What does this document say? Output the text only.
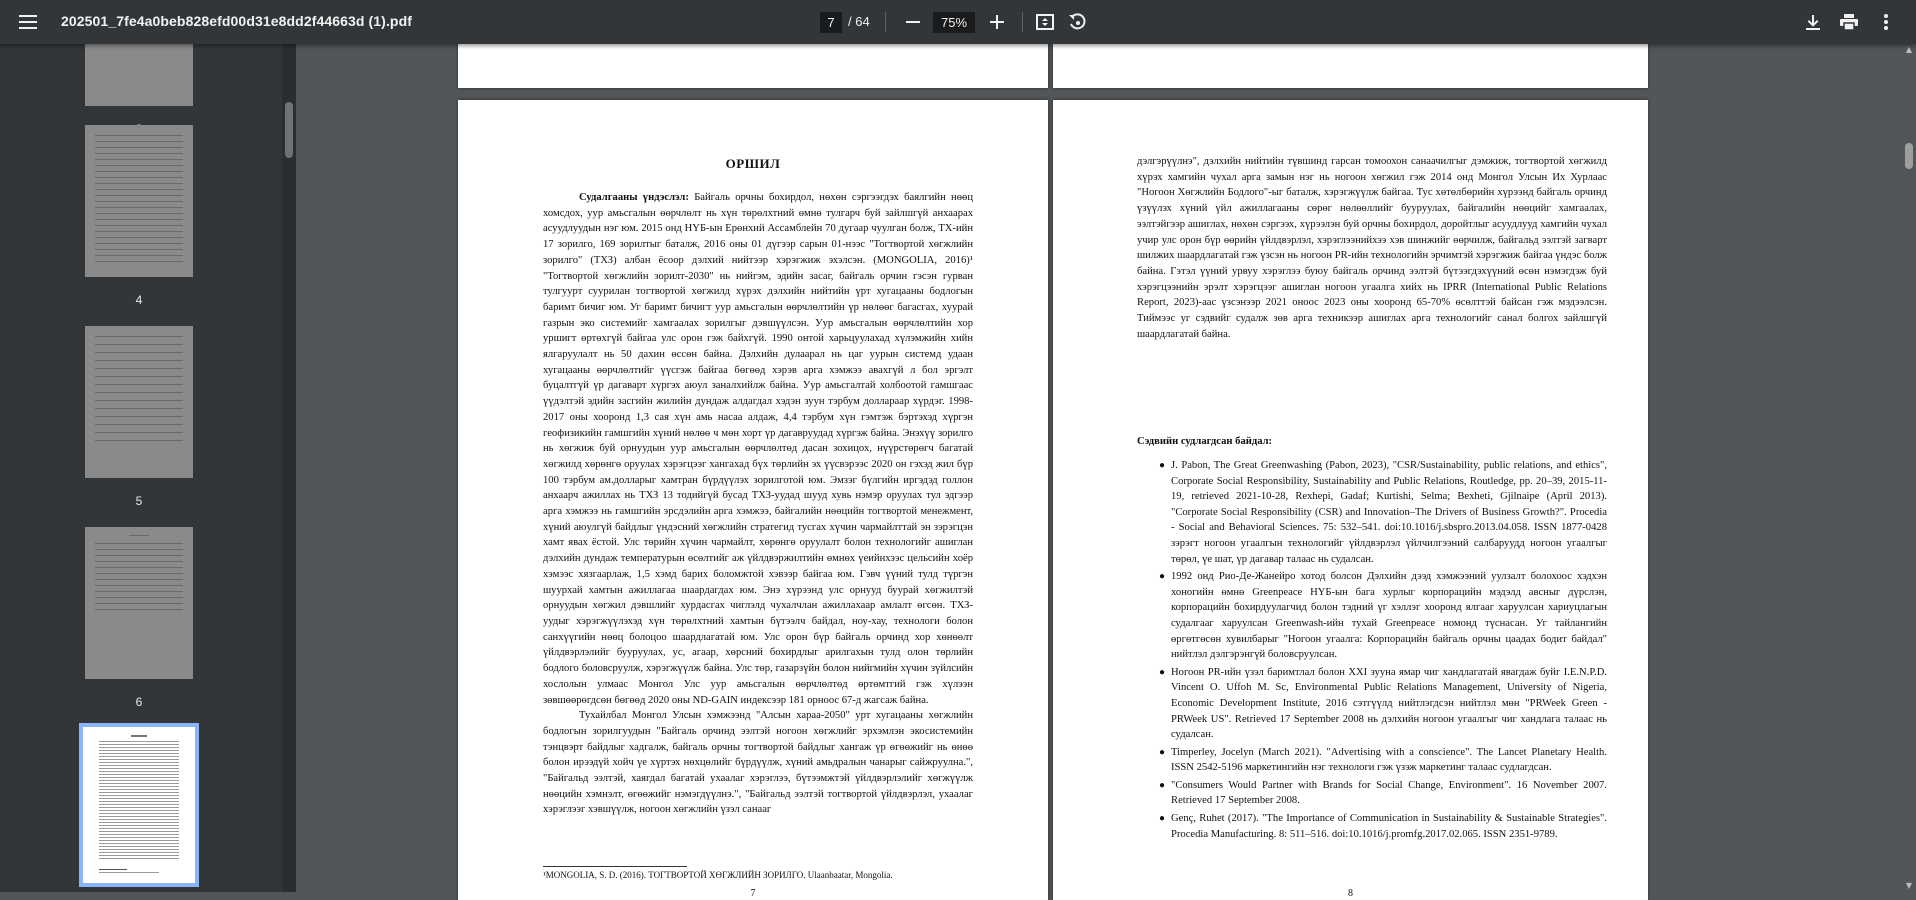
202501_7fe4a0beb828efd00d31e8dd2f44663d (1).pdf	7	/ 64	75%
4
5
6
ОРШИЛ

Судалгааны үндэслэл: Байгаль орчны бохирдол, нөхөн сэргээгдэх баялгийн нөөц хомсдох, уур амьсгалын өөрчлөлт нь хүн төрөлхтний өмнө тулгарч буй зайлшгүй анхаарах асуудлуудын нэг юм. 2015 онд НҮБ-ын Ерөнхий Ассамблейн 70 дугаар чуулган болж, ТХ-ийн 17 зорилго, 169 зорилтыг баталж, 2016 оны 01 дүгээр сарын 01-нээс "Тогтвортой хөгжлийн зорилго" (ТХЗ) албан ёсоор дэлхий нийтээр хэрэгжиж эхэлсэн. (MONGOLIA, 2016)¹ "Тогтвортой хөгжлийн зорилт-2030" нь нийгэм, эдийн засаг, байгаль орчин гэсэн гурван тулгуурт суурилан тогтвортой хөгжилд хүрэх дэлхийн нийтийн үрт хугацааны бодлогын баримт бичиг юм. Уг баримт бичигт уур амьсгалын өөрчлөлтийн үр нөлөөг багасгах, хуурай газрын эко системийг хамгаалах зорилгыг дэвшүүлсэн. Уур амьсгалын өөрчлөлтийн хор уршигт өртөхгүй байгаа улс орон гэж байхгүй. 1990 онтой харьцуулахад хүлэмжийн хийн ялгаруулалт нь 50 дахин өссөн байна. Дэлхийн дулаарал нь цаг уурын системд удаан хугацааны өөрчлөлтийг үүсгэж байгаа бөгөөд хэрэв арга хэмжээ авахгүй л бол эргэлт буцалтгүй үр дагаварт хүргэх аюул заналхийлж байна. Уур амьсгалтай холбоотой гамшгаас үүдэлтэй эдийн засгийн жилийн дундаж алдагдал хэдэн зуун тэрбум доллараар хүрдэг. 1998-2017 оны хооронд 1,3 сая хүн амь насаа алдаж, 4,4 тэрбум хүн гэмтэж бэртэхэд хүргэн геофизикийн гамшгийн хүний нөлөө ч мөн хорт үр дагавруудад хүргэж байна. Энэхүү зорилго нь хөгжиж буй орнуудын уур амьсгалын өөрчлөлтөд дасан зохицох, нүүрстөрөгч багатай хөгжилд хөрөнгө оруулах хэрэгцээг хангахад бүх төрлийн эх үүсвэрээс 2020 он гэхэд жил бүр 100 тэрбум ам.долларыг хамтран бүрдүүлэх зорилготой юм. Эмзэг бүлгийн иргэдэд голлон анхаарч ажиллах нь ТХЗ 13 тодийгүй бусад ТХЗ-уудад шууд хувь нэмэр оруулах тул эдгээр арга хэмжээ нь гамшгийн эрсдэлийн арга хэмжээ, байгалийн нөөцийн тогтвортой менежмент, хүний аюулгүй байдлыг үндэсний хөгжлийн стратегид тусгах хүчин чармайлттай эн зэрэгцэн хамт явах ёстой. Улс төрийн хүчин чармайлт, хөрөнгө оруулалт болон технологийг ашиглан дэлхийн дундаж температурын өсөлтийг аж үйлдвэржилтийн өмнөх үеийнхээс цельсийн хоёр хэмээс хязгаарлаж, 1,5 хэмд барих боломжтой хэвээр байгаа юм. Гэвч үүний тулд түргэн шуурхай хамтын ажиллагаа шаардагдах юм. Энэ хүрээнд улс орнууд буурай хөгжилтэй орнуудын хөгжил дэвшлийг хурдасгах чиглэлд чухалчлан ажиллахаар амлалт өгсөн. ТХЗ-уудыг хэрэгжүүлэхэд хүн төрөлхтний хамтын бүтээлч байдал, ноу-хау, технологи болон санхүүгийн нөөц болоцоо шаардлагатай юм. Улс орон бүр байгаль орчинд хор хөнөөлт үйлдвэрлэлийг бууруулах, ус, агаар, хөрсний бохирдлыг арилгахын тулд олон төрлийн бодлого боловсруулж, хэрэгжүүлж байна. Улс төр, газарзүйн болон нийгмийн хүчин зүйлсийн хослолын улмаас Монгол Улс уур амьсгалын өөрчлөлтөд өртөмтгий гэж хүлээн зөвшөөрөгдсөн бөгөөд 2020 оны ND-GAIN индексээр 181 орноос 67-д жагсаж байна.

Тухайлбал Монгол Улсын хэмжээнд "Алсын хараа-2050" урт хугацааны хөгжлийн бодлогын зорилгуудын "Байгаль орчинд ээлтэй ногоон хөгжлийг эрхэмлэн экосистемийн тэнцвэрт байдлыг хадгалж, байгаль орчны тогтвортой байдлыг хангаж үр өгөөжийг нь өнөө болон ирээдүй хойч үе хүртэх нөхцөлийг бүрдүүлж, хүний амьдралын чанарыг сайжруулна.", "Байгальд ээлтэй, хаягдал багатай ухаалаг хэрэглээ, бүтээмжтэй үйлдвэрлэлийг хөгжүүлж нөөцийн хэмнэлт, өгөөжийг нэмэгдүүлнэ.", "Байгальд ээлтэй тогтвортой үйлдвэрлэл, ухаалаг хэрэглээг хэвшүүлж, ногоон хөгжлийн үзэл санааг

¹MONGOLIA, S. D. (2016). ТОГТВОРТОЙ ХӨГЖЛИЙН ЗОРИЛГО. Ulaanbaatar, Mongolia.
7
дэлгэрүүлнэ", дэлхийн нийтийн түвшинд гарсан томоохон санаачилгыг дэмжиж, тогтвортой хөгжилд хүрэх хамгийн чухал арга замын нэг нь ногоон хөгжил гэж 2014 онд Монгол Улсын Их Хурлаас "Ногоон Хөгжлийн Бодлого"-ыг баталж, хэрэгжүүлж байгаа. Тус хөтөлбөрийн хүрээнд байгаль орчинд үзүүлэх хүний үйл ажиллагааны сөрөг нөлөөллийг бууруулах, байгалийн нөөцийг хамгаалах, ээлтэйгээр ашиглах, нөхөн сэргээх, хүрээлэн буй орчны бохирдол, доройтлыг асуудлууд хамгийн чухал учир улс орон бүр өөрийн үйлдвэрлэл, хэрэглээнийхээ хэв шинжийг өөрчилж, байгальд ээлтэй загварт шилжих шаардлагатай гэж үзсэн нь ногоон PR-ийн технологийн эрчимтэй хэрэгжиж байгаа үндэс болж байна. Гэтэл үүний урвуу хэрэглээ буюу байгаль орчинд ээлтэй бүтээгдэхүүний өсөн нэмэгдэж буй хэрэгцээнийн эрэлт хэрэгцээг ашиглан ногоон угаалга хийх нь IPRR (International Public Relations Report, 2023)-аас үзсэнээр 2021 оноос 2023 оны хооронд 65-70% өсөлттэй байсан гэж мэдээлсэн. Тиймээс уг сэдвийг судалж зөв арга техникээр ашиглах арга технологийг санал болгох зайлшгүй шаардлагатай байна.
Сэдвийн судлагдсан байдал:
● J. Pabon, The Great Greenwashing (Pabon, 2023), "CSR/Sustainability, public relations, and ethics", Corporate Social Responsibility, Sustainability and Public Relations, Routledge, pp. 20–39, 2015-11-19, retrieved 2021-10-28, Rexhepi, Gadaf; Kurtishi, Selma; Bexheti, Gjilnaipe (April 2013). "Corporate Social Responsibility (CSR) and Innovation–The Drivers of Business Growth?". Procedia - Social and Behavioral Sciences. 75: 532–541. doi:10.1016/j.sbspro.2013.04.058. ISSN 1877-0428 зэрэгт ногоон угаалгын технологийг үйлдвэрлэл үйлчилгээний салбаруудд ногоон угаалгыг төрөл, үе шат, үр дагавар талаас нь судалсан.
● 1992 онд Рио-Де-Жанейро хотод болсон Дэлхийн дээд хэмжээний уулзалт болохоос хэдхэн хоногийн өмнө Greenpeace НҮБ-ын бага хурлыг корпорацийн мэдэлд авсныг дүрслэн, корпорацийн бохирдуулагчид болон тэдний үг хэллэг хооронд ялгааг харуулсан хариуцлагын судалгааг харуулсан Greenwash-ийн тухай Greenpeace номонд түснасан. Уг тайлангийн өргөтгөсөн хувилбарыг "Ногоон угаалга: Корпорацийн байгаль орчны цаадах бодит байдал" нийтлэл дэлгэрэнгүй боловсруулсан.
● Ногоон PR-ийн үзэл баримтлал болон XXI зууна ямар чиг хандлагатай явагдаж буйг I.E.N.P.D. Vincent O. Uffoh M. Sc, Environmental Public Relations Management, University of Nigeria, Economic Development Institute, 2016 сэтгүүлд нийтлэгдсэн нийтлэл мөн "PRWeek Green - PRWeek US". Retrieved 17 September 2008 нь дэлхийн ногоон угаалгыг чиг хандлага талаас нь судалсан.
● Timperley, Jocelyn (March 2021). "Advertising with a conscience". The Lancet Planetary Health. ISSN 2542-5196 маркетингийн нэг технологи гэж үзэж маркетинг талаас судлагдсан.
● "Consumers Would Partner with Brands for Social Change, Environment". 16 November 2007. Retrieved 17 September 2008.
● Genç, Ruhet (2017). "The Importance of Communication in Sustainability & Sustainable Strategies". Procedia Manufacturing. 8: 511–516. doi:10.1016/j.promfg.2017.02.065. ISSN 2351-9789.
8
▲
▼
